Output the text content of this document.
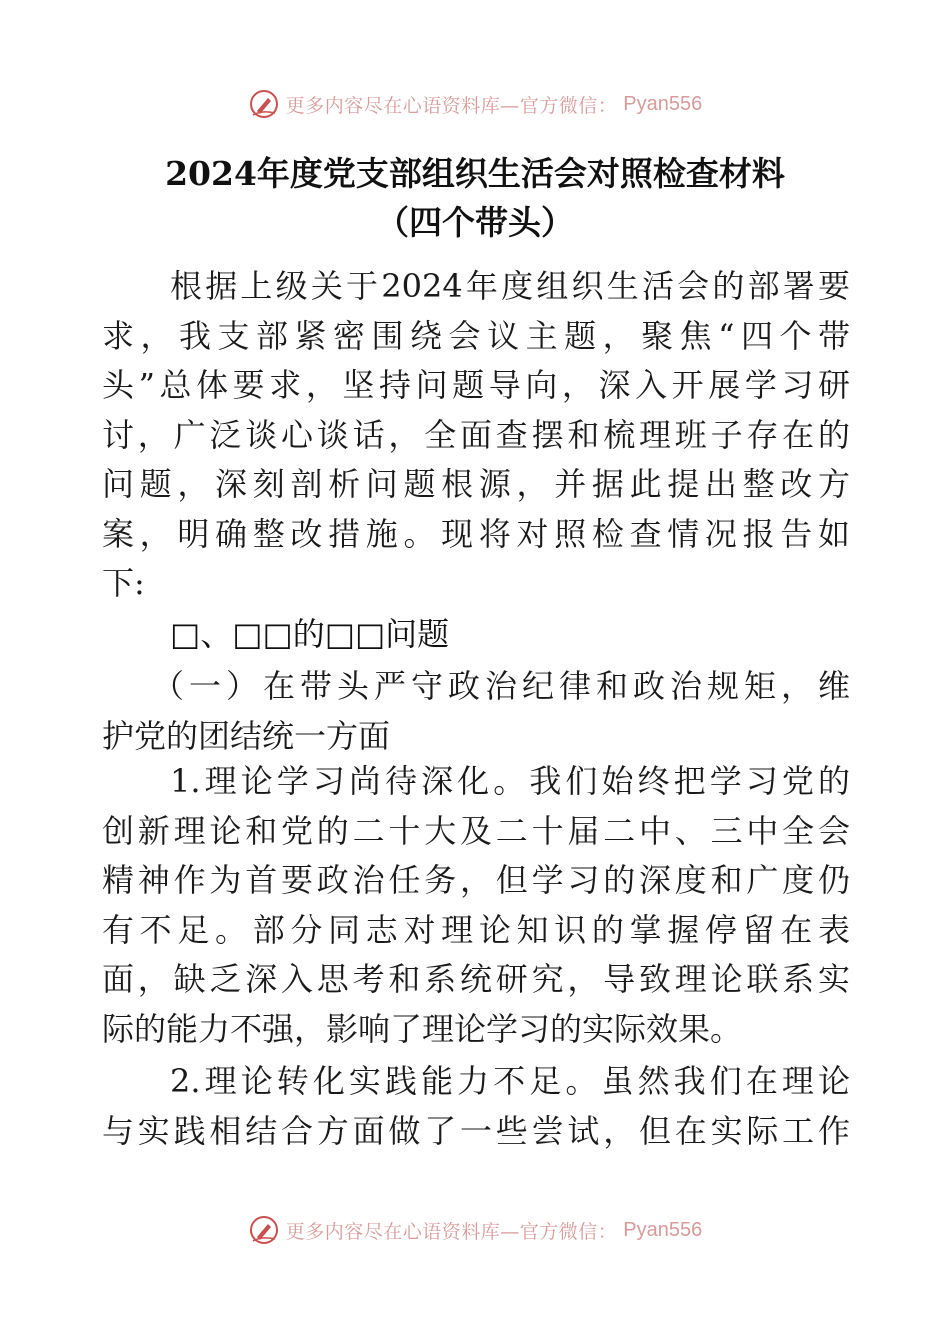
更多内容尽在心语资料库—官方微信： Pyan556
2024年度党支部组织生活会对照检查材料
（四个带头）
根据上级关于2024年度组织生活会的部署要
求，我支部紧密围绕会议主题，聚焦“四个带
头”总体要求，坚持问题导向，深入开展学习研
讨，广泛谈心谈话，全面查摆和梳理班子存在的
问题，深刻剖析问题根源，并据此提出整改方
案，明确整改措施。现将对照检查情况报告如
下:
□、□□的□□问题
（一）在带头严守政治纪律和政治规矩，维
护党的团结统一方面
1.理论学习尚待深化。我们始终把学习党的
创新理论和党的二十大及二十届二中、三中全会
精神作为首要政治任务，但学习的深度和广度仍
有不足。部分同志对理论知识的掌握停留在表
面，缺乏深入思考和系统研究，导致理论联系实
际的能力不强，影响了理论学习的实际效果。
2.理论转化实践能力不足。虽然我们在理论
与实践相结合方面做了一些尝试，但在实际工作
更多内容尽在心语资料库—官方微信： Pyan556
